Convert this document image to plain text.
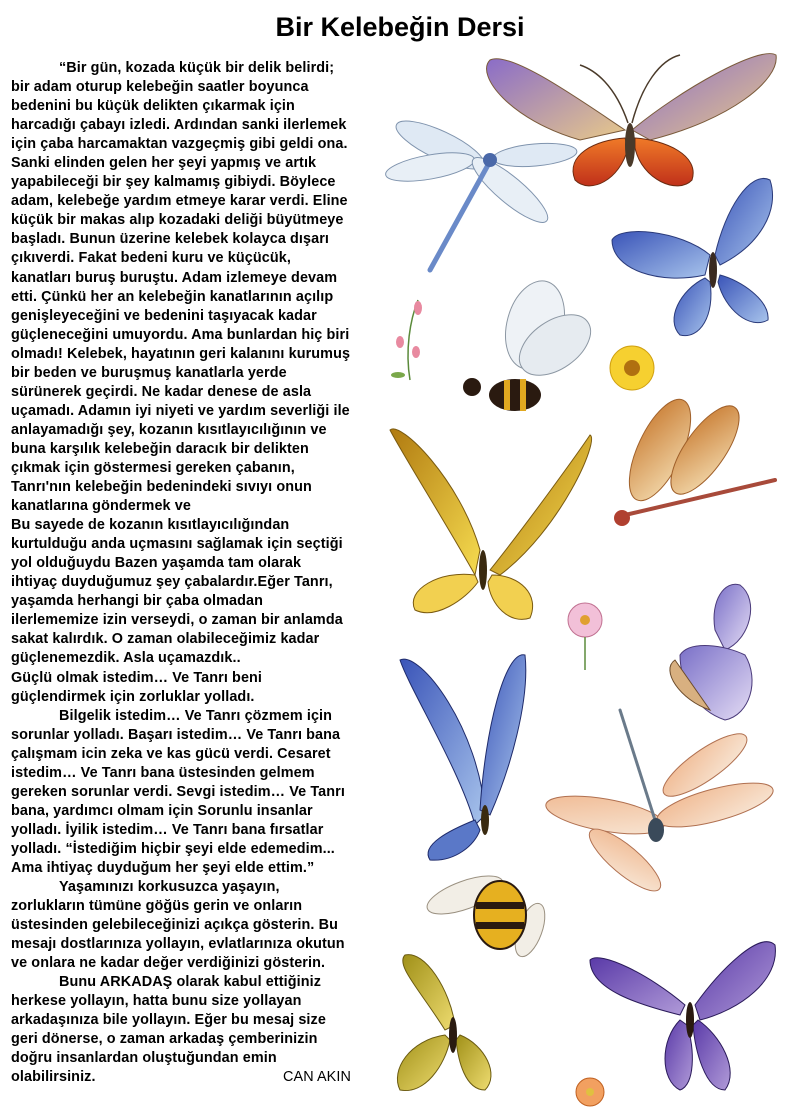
Bir Kelebeğin Dersi
“Bir gün, kozada küçük bir delik belirdi;
bir adam oturup kelebeğin saatler boyunca
bedenini bu küçük delikten çıkarmak için
harcadığı çabayı izledi. Ardından sanki ilerlemek
için çaba harcamaktan vazgeçmiş gibi geldi ona.
Sanki elinden gelen her şeyi yapmış ve artık
yapabileceği bir şey kalmamış gibiydi. Böylece
adam, kelebeğe yardım etmeye karar verdi. Eline
küçük bir makas alıp kozadaki deliği büyütmeye
başladı. Bunun üzerine kelebek kolayca dışarı
çıkıverdi. Fakat bedeni kuru ve küçücük,
kanatları buruş buruştu. Adam izlemeye devam
etti. Çünkü her an kelebeğin kanatlarının açılıp
genişleyeceğini ve bedenini taşıyacak kadar
güçleneceğini umuyordu. Ama bunlardan hiç biri
olmadı! Kelebek, hayatının geri kalanını kurumuş
bir beden ve buruşmuş kanatlarla yerde
sürünerek geçirdi. Ne kadar denese de asla
uçamadı. Adamın iyi niyeti ve yardım severliği ile
anlayamadığı şey, kozanın kısıtlayıcılığının ve
buna karşılık kelebeğin daracık bir delikten
çıkmak için göstermesi gereken çabanın,
Tanrı'nın kelebeğin bedenindeki sıvıyı onun
kanatlarına göndermek ve
Bu sayede de kozanın kısıtlayıcılığından
kurtulduğu anda uçmasını sağlamak için seçtiği
yol olduğuydu Bazen yaşamda tam olarak
ihtiyaç duyduğumuz şey çabalardır.Eğer Tanrı,
yaşamda herhangi bir çaba olmadan
ilerlememize izin verseydi, o zaman bir anlamda
sakat kalırdık. O zaman olabileceğimiz kadar
güçlenemezdik. Asla uçamazdık..
Güçlü olmak istedim… Ve Tanrı beni
güçlendirmek için zorluklar yolladı.
Bilgelik istedim… Ve Tanrı çözmem için
sorunlar yolladı. Başarı istedim… Ve Tanrı bana
çalışmam icin zeka ve kas gücü verdi. Cesaret
istedim… Ve Tanrı bana üstesinden gelmem
gereken sorunlar verdi. Sevgi istedim… Ve Tanrı
bana, yardımcı olmam için Sorunlu insanlar
yolladı. İyilik istedim… Ve Tanrı bana fırsatlar
yolladı. “İstediğim hiçbir şeyi elde edemedim...
Ama ihtiyaç duyduğum her şeyi elde ettim.”
Yaşamınızı korkusuzca yaşayın,
zorlukların tümüne göğüs gerin ve onların
üstesinden gelebileceğinizi açıkça gösterin. Bu
mesajı dostlarınıza yollayın, evlatlarınıza okutun
ve onlara ne kadar değer verdiğinizi gösterin.
Bunu ARKADAŞ olarak kabul ettiğiniz
herkese yollayın, hatta bunu size yollayan
arkadaşınıza bile yollayın. Eğer bu mesaj size
geri dönerse, o zaman arkadaş çemberinizin
doğru insanlardan oluştuğundan emin
olabilirsiniz.	CAN AKIN
